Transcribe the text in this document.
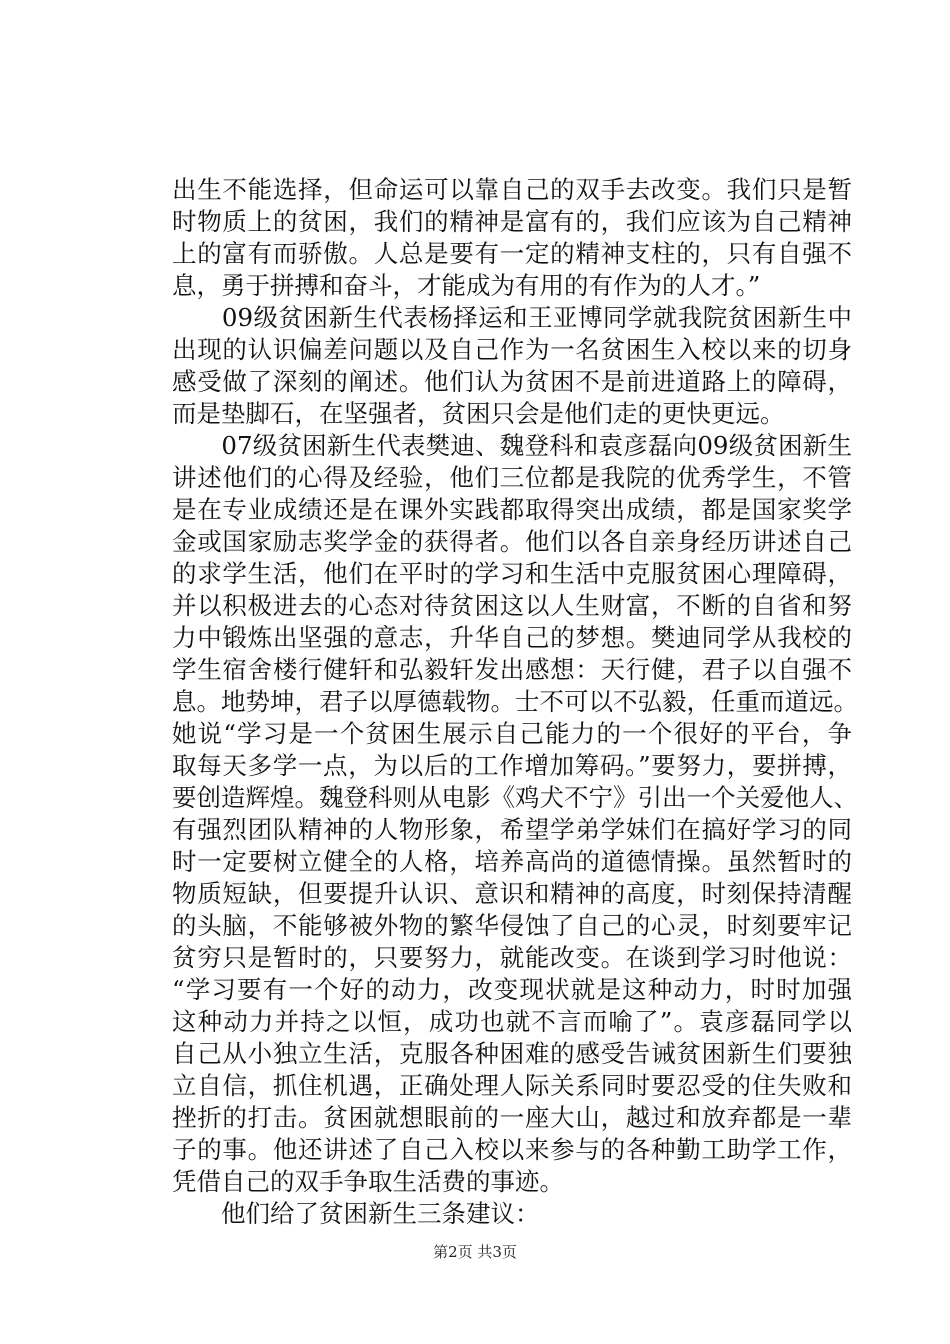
出生不能选择，但命运可以靠自己的双手去改变。我们只是暂
时物质上的贫困，我们的精神是富有的，我们应该为自己精神
上的富有而骄傲。人总是要有一定的精神支柱的，只有自强不
息，勇于拼搏和奋斗，才能成为有用的有作为的人才。”
　　09级贫困新生代表杨择运和王亚博同学就我院贫困新生中
出现的认识偏差问题以及自己作为一名贫困生入校以来的切身
感受做了深刻的阐述。他们认为贫困不是前进道路上的障碍，
而是垫脚石，在坚强者，贫困只会是他们走的更快更远。
　　07级贫困新生代表樊迪、魏登科和袁彦磊向09级贫困新生
讲述他们的心得及经验，他们三位都是我院的优秀学生，不管
是在专业成绩还是在课外实践都取得突出成绩，都是国家奖学
金或国家励志奖学金的获得者。他们以各自亲身经历讲述自己
的求学生活，他们在平时的学习和生活中克服贫困心理障碍，
并以积极进去的心态对待贫困这以人生财富，不断的自省和努
力中锻炼出坚强的意志，升华自己的梦想。樊迪同学从我校的
学生宿舍楼行健轩和弘毅轩发出感想：天行健，君子以自强不
息。地势坤，君子以厚德载物。士不可以不弘毅，任重而道远。
她说“学习是一个贫困生展示自己能力的一个很好的平台，争
取每天多学一点，为以后的工作增加筹码。”要努力，要拼搏，
要创造辉煌。魏登科则从电影《鸡犬不宁》引出一个关爱他人、
有强烈团队精神的人物形象，希望学弟学妹们在搞好学习的同
时一定要树立健全的人格，培养高尚的道德情操。虽然暂时的
物质短缺，但要提升认识、意识和精神的高度，时刻保持清醒
的头脑，不能够被外物的繁华侵蚀了自己的心灵，时刻要牢记
贫穷只是暂时的，只要努力，就能改变。在谈到学习时他说：
“学习要有一个好的动力，改变现状就是这种动力，时时加强
这种动力并持之以恒，成功也就不言而喻了”。袁彦磊同学以
自己从小独立生活，克服各种困难的感受告诫贫困新生们要独
立自信，抓住机遇，正确处理人际关系同时要忍受的住失败和
挫折的打击。贫困就想眼前的一座大山，越过和放弃都是一辈
子的事。他还讲述了自己入校以来参与的各种勤工助学工作，
凭借自己的双手争取生活费的事迹。
第2页 共3页
　　他们给了贫困新生三条建议：
